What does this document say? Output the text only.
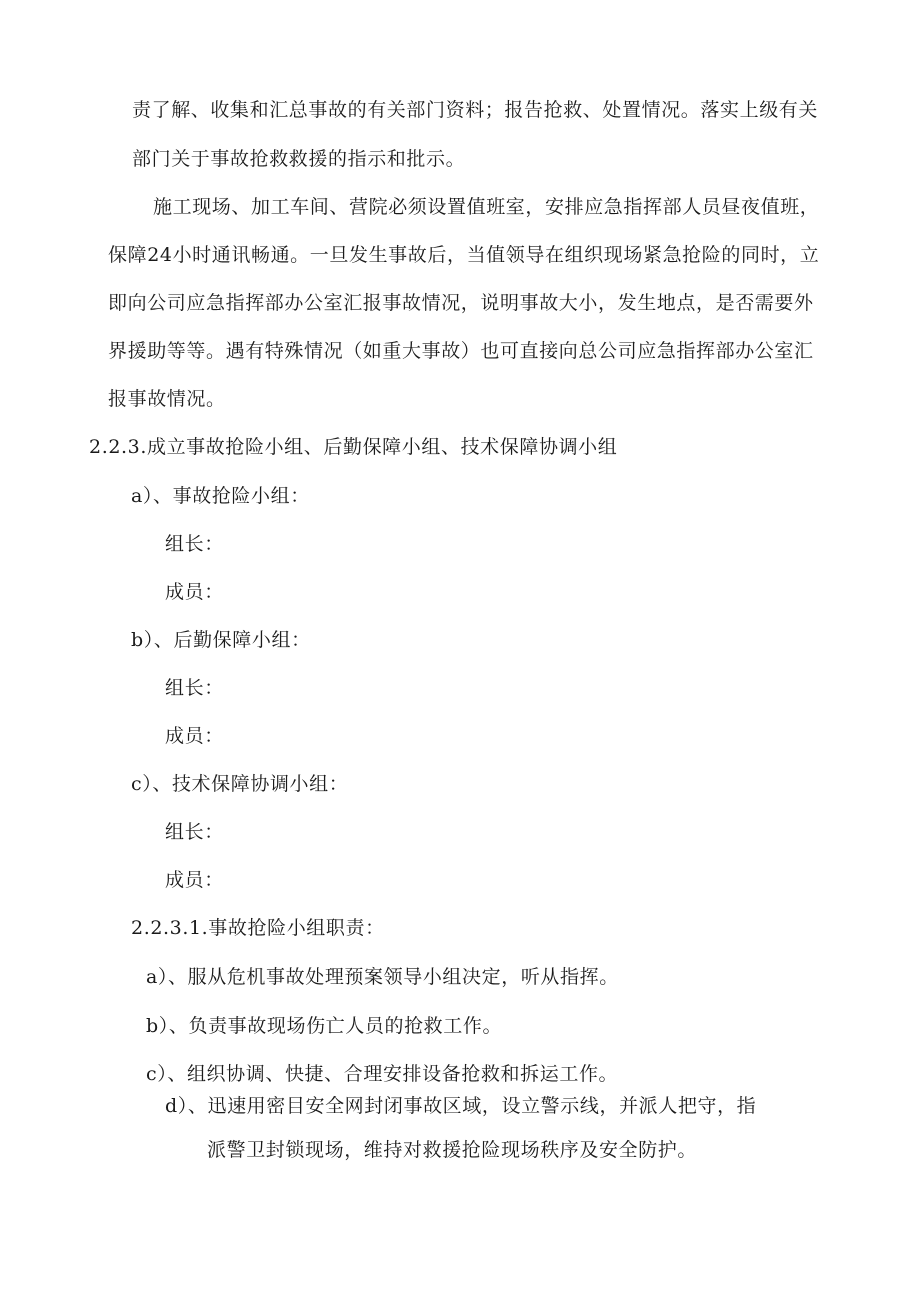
责了解、收集和汇总事故的有关部门资料；报告抢救、处置情况。落实上级有关
部门关于事故抢救救援的指示和批示。
施工现场、加工车间、营院必须设置值班室，安排应急指挥部人员昼夜值班，
保障24小时通讯畅通。一旦发生事故后，当值领导在组织现场紧急抢险的同时，立
即向公司应急指挥部办公室汇报事故情况，说明事故大小，发生地点，是否需要外
界援助等等。遇有特殊情况（如重大事故）也可直接向总公司应急指挥部办公室汇
报事故情况。
2.2.3.成立事故抢险小组、后勤保障小组、技术保障协调小组
a）、事故抢险小组：
组长：
成员：
b）、后勤保障小组：
组长：
成员：
c）、技术保障协调小组：
组长：
成员：
2.2.3.1.事故抢险小组职责：
a）、服从危机事故处理预案领导小组决定，听从指挥。
b）、负责事故现场伤亡人员的抢救工作。
c）、组织协调、快捷、合理安排设备抢救和拆运工作。
d）、迅速用密目安全网封闭事故区域，设立警示线，并派人把守，指
派警卫封锁现场，维持对救援抢险现场秩序及安全防护。
